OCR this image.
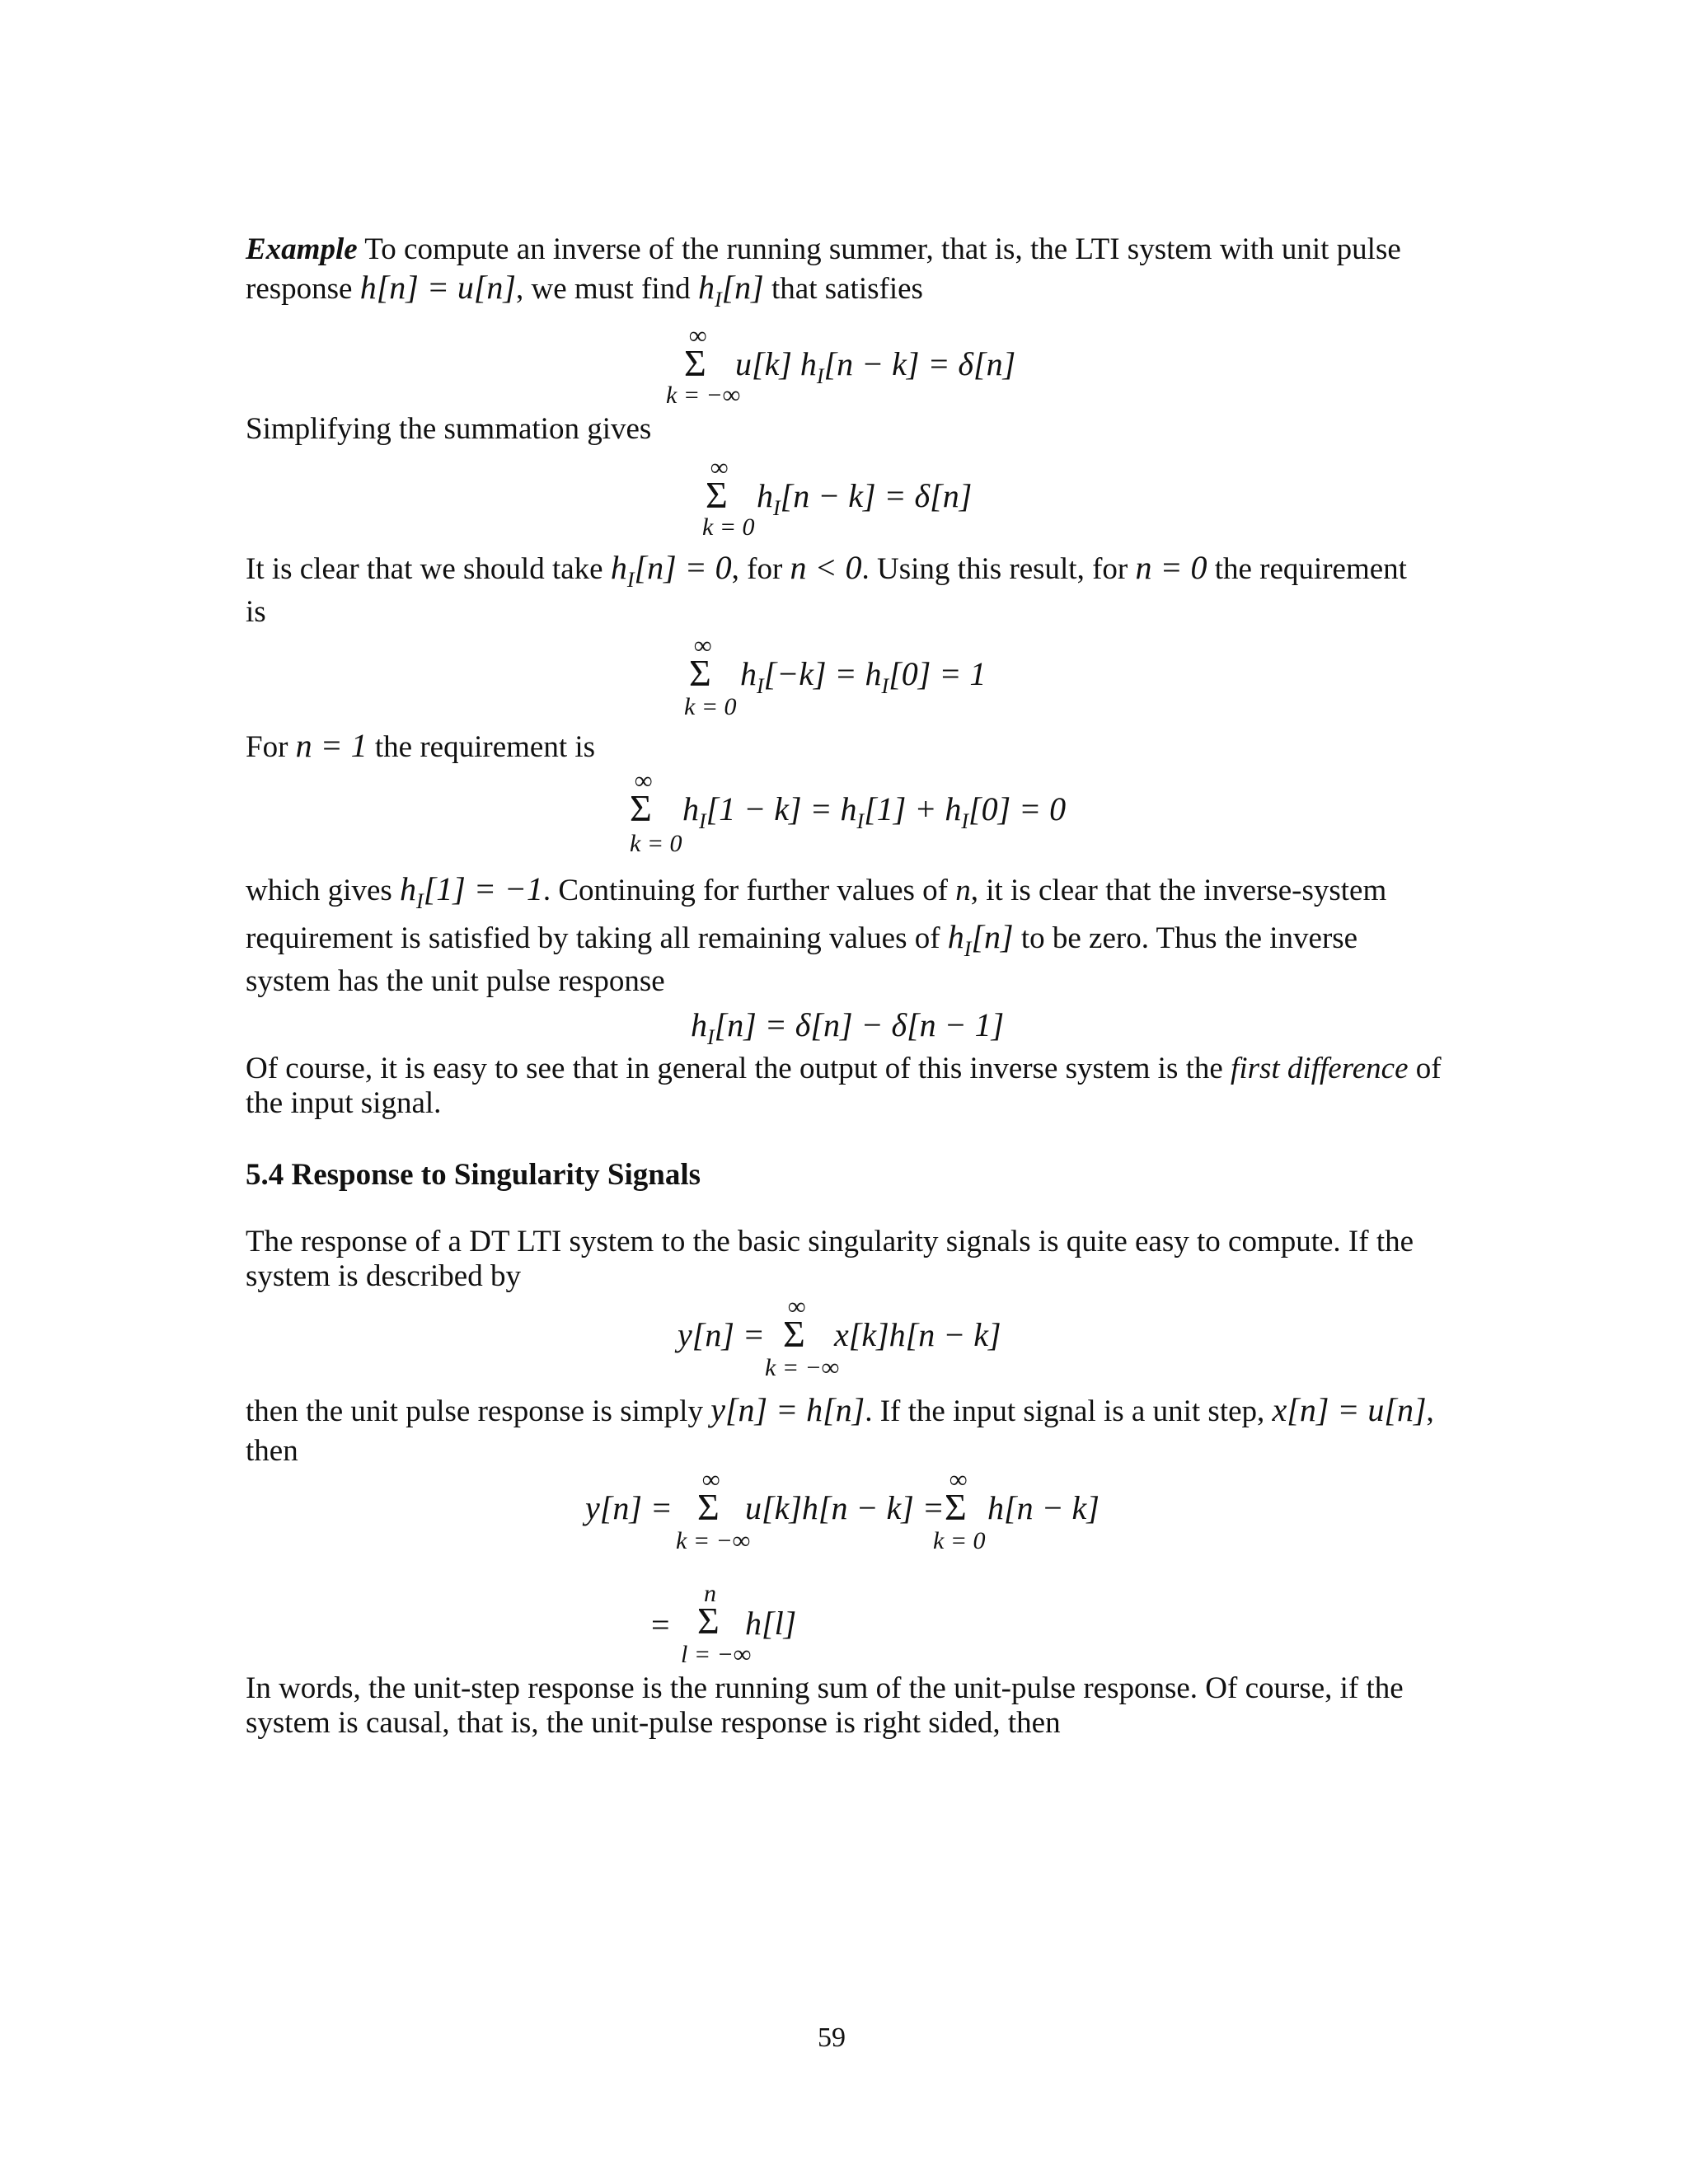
Example To compute an inverse of the running summer, that is, the LTI system with unit pulse
response h[n] = u[n], we must find $h_I[n]$ that satisfies
∞
Σ u[k] $h_I[n - k] = \delta[n]$
k = −∞
Simplifying the summation gives
∞
Σ $h_I[n - k] = \delta[n]$
k = 0
It is clear that we should take $h_I[n] = 0$, for n < 0. Using this result, for n = 0 the requirement
is
∞
Σ $h_I[-k] = h_I[0] = 1$
k = 0
For n = 1 the requirement is
∞
Σ $h_I[1 - k] = h_I[1] + h_I[0] = 0$
k = 0
which gives $h_I[1] = -1$. Continuing for further values of n, it is clear that the inverse-system
requirement is satisfied by taking all remaining values of $h_I[n]$ to be zero. Thus the inverse
system has the unit pulse response
$h_I[n] = \delta[n] - \delta[n - 1]$
Of course, it is easy to see that in general the output of this inverse system is the first difference of
the input signal.
5.4 Response to Singularity Signals
The response of a DT LTI system to the basic singularity signals is quite easy to compute. If the
system is described by
y[n] =
∞
Σ x[k]h[n − k]
k = −∞
then the unit pulse response is simply y[n] = h[n]. If the input signal is a unit step, x[n] = u[n],
then
y[n] =
∞
Σ u[k]h[n − k] =
k = −∞
∞
Σ h[n − k]
k = 0
=
n
Σ h[l]
l = −∞
In words, the unit-step response is the running sum of the unit-pulse response. Of course, if the
system is causal, that is, the unit-pulse response is right sided, then
59
